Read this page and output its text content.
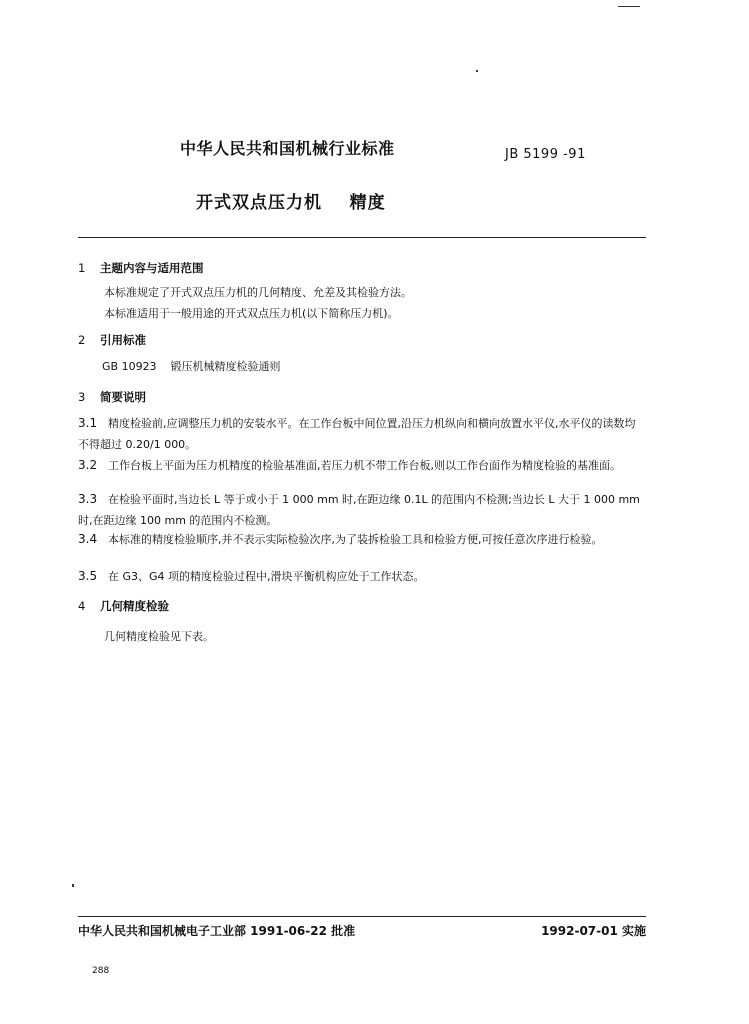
中华人民共和国机械行业标准	JB 5199 -91
开式双点压力机    精度
1 主题内容与适用范围
本标准规定了开式双点压力机的几何精度、允差及其检验方法。
本标准适用于一般用途的开式双点压力机(以下简称压力机)。
2 引用标准
GB 10923    锻压机械精度检验通则
3 简要说明
3.1 精度检验前,应调整压力机的安装水平。在工作台板中间位置,沿压力机纵向和横向放置水平仪,水平仪的读数均不得超过 0.20/1 000。
3.2 工作台板上平面为压力机精度的检验基准面,若压力机不带工作台板,则以工作台面作为精度检验的基准面。
3.3 在检验平面时,当边长 L 等于或小于 1 000 mm 时,在距边缘 0.1L 的范围内不检测;当边长 L 大于 1 000 mm 时,在距边缘 100 mm 的范围内不检测。
3.4 本标准的精度检验顺序,并不表示实际检验次序,为了装拆检验工具和检验方便,可按任意次序进行检验。
3.5 在 G3、G4 项的精度检验过程中,滑块平衡机构应处于工作状态。
4 几何精度检验
几何精度检验见下表。
中华人民共和国机械电子工业部 1991-06-22 批准	1992-07-01 实施
288
